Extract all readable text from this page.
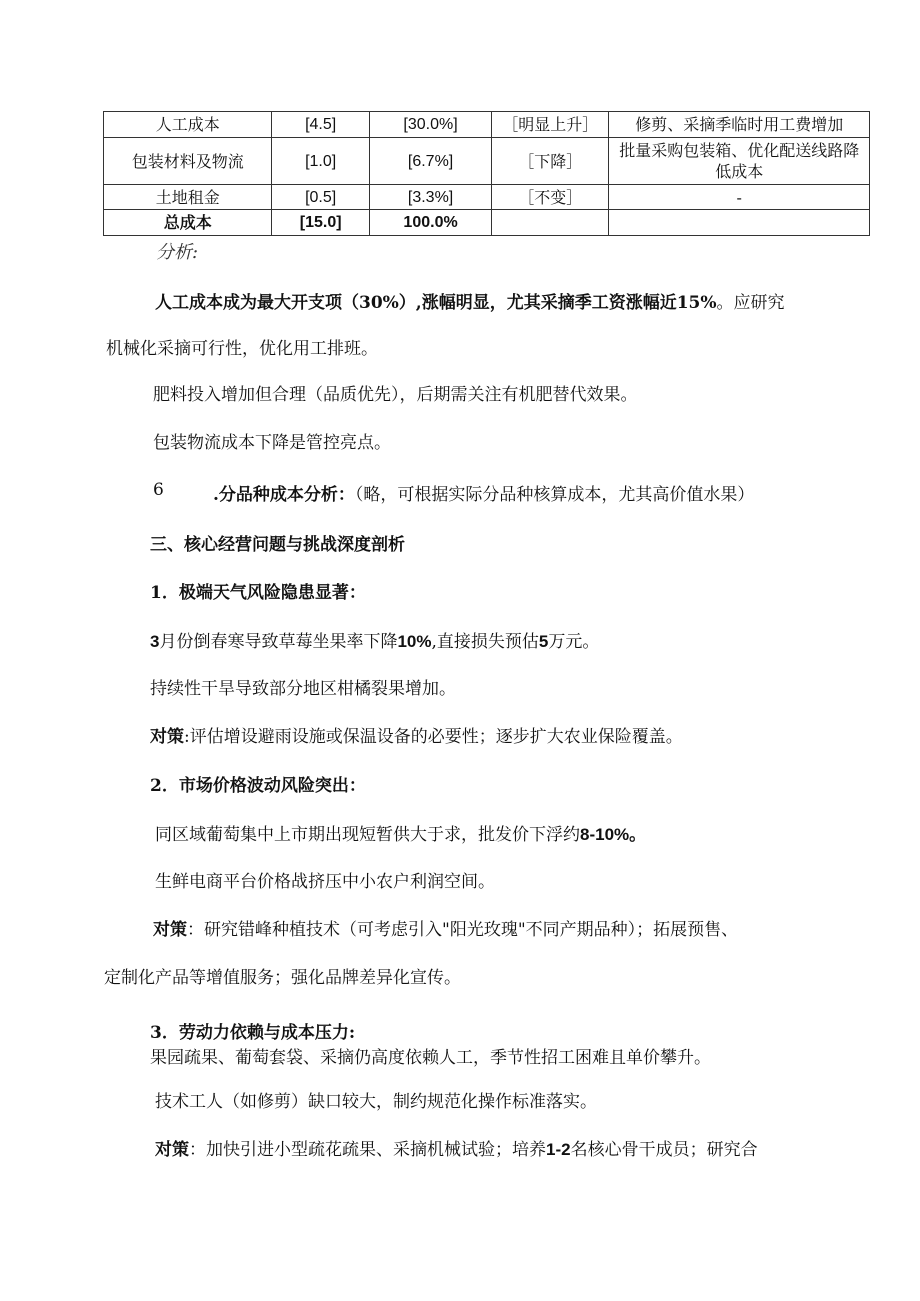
人工成本	[4.5]	[30.0%]	［明显上升］	修剪、采摘季临时用工费增加
包装材料及物流	[1.0]	[6.7%]	［下降］	批量采购包装箱、优化配送线路降低成本
土地租金	[0.5]	[3.3%]	［不变］	-
总成本	[15.0]	100.0%		
分析:
人工成本成为最大开支项（30%）,涨幅明显，尤其采摘季工资涨幅近15%。应研究
机械化采摘可行性，优化用工排班。
肥料投入增加但合理（品质优先），后期需关注有机肥替代效果。
包装物流成本下降是管控亮点。
6	.分品种成本分析：（略，可根据实际分品种核算成本，尤其高价值水果）
三、核心经营问题与挑战深度剖析
1．极端天气风险隐患显著：
3月份倒春寒导致草莓坐果率下降10%,直接损失预估5万元。
持续性干旱导致部分地区柑橘裂果增加。
对策:评估增设避雨设施或保温设备的必要性；逐步扩大农业保险覆盖。
2．市场价格波动风险突出：
同区域葡萄集中上市期出现短暂供大于求，批发价下浮约8-10%。
生鲜电商平台价格战挤压中小农户利润空间。
对策：研究错峰种植技术（可考虑引入"阳光玫瑰"不同产期品种）；拓展预售、
定制化产品等增值服务；强化品牌差异化宣传。
3．劳动力依赖与成本压力:
果园疏果、葡萄套袋、采摘仍高度依赖人工，季节性招工困难且单价攀升。
技术工人（如修剪）缺口较大，制约规范化操作标准落实。
对策：加快引进小型疏花疏果、采摘机械试验；培养1-2名核心骨干成员；研究合
